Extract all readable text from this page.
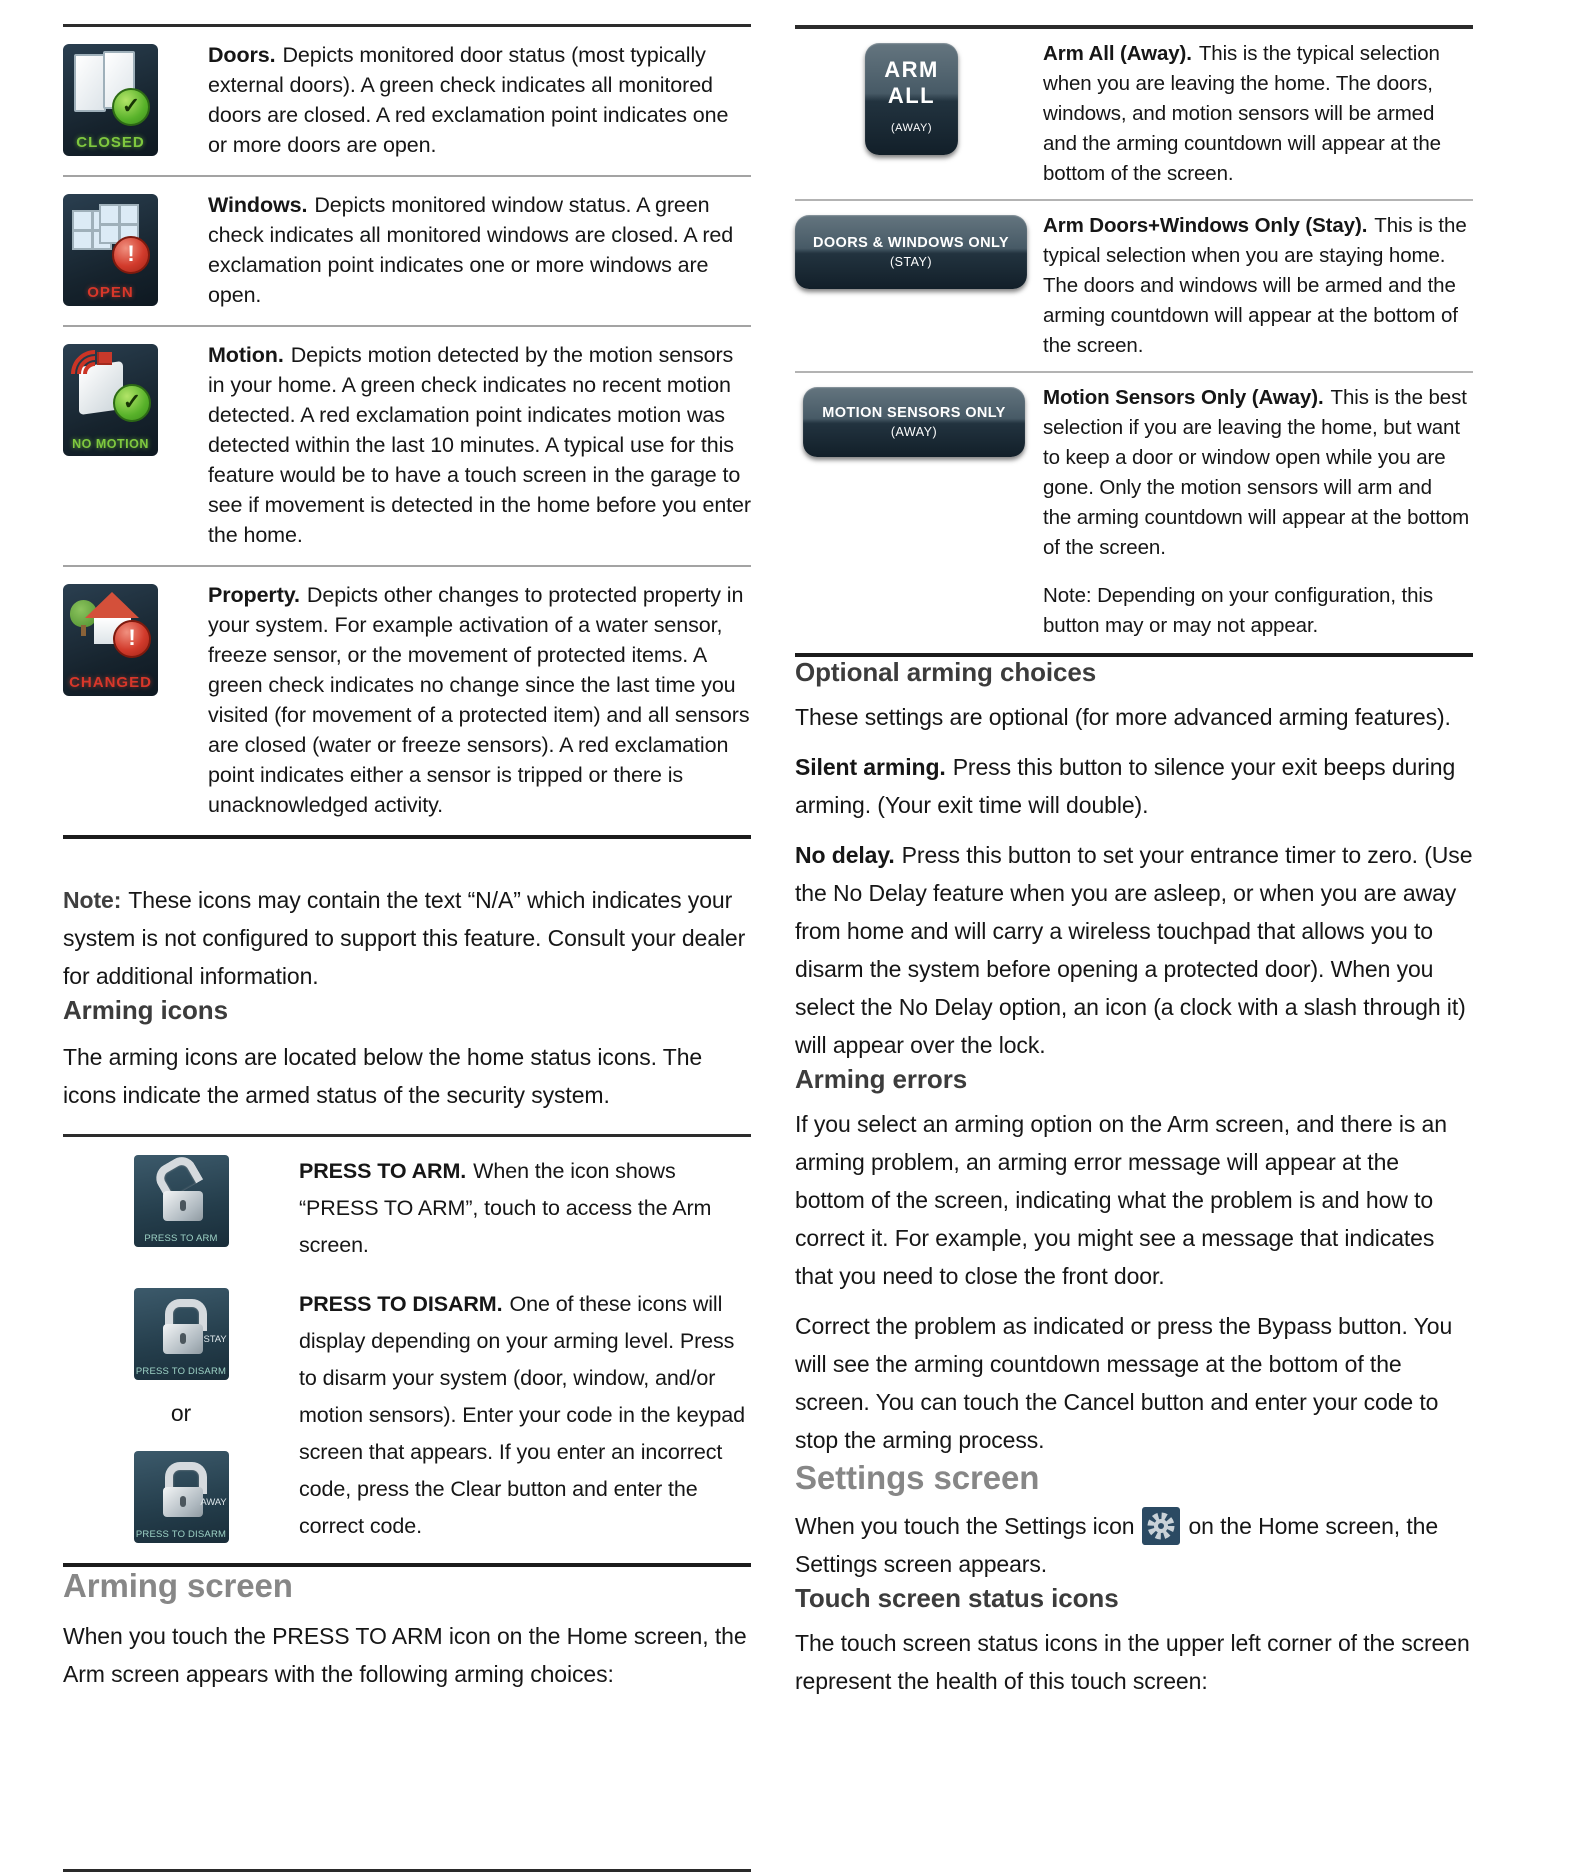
✓
CLOSED
Doors. Depicts monitored door status (most typically external doors). A green check indicates all monitored doors are closed. A red exclamation point indicates one or more doors are open.
!
OPEN
Windows. Depicts monitored window status. A green check indicates all monitored windows are closed. A red exclamation point indicates one or more windows are open.
✓
NO MOTION
Motion. Depicts motion detected by the motion sensors in your home. A green check indicates no recent motion detected. A red exclamation point indicates motion was detected within the last 10 minutes. A typical use for this feature would be to have a touch screen in the garage to see if movement is detected in the home before you enter the home.
!
CHANGED
Property. Depicts other changes to protected property in your system. For example activation of a water sensor, freeze sensor, or the movement of protected items. A green check indicates no change since the last time you visited (for movement of a protected item) and all sensors are closed (water or freeze sensors). A red exclamation point indicates either a sensor is tripped or there is unacknowledged activity.

Note: These icons may contain the text “N/A” which indicates your system is not configured to support this feature. Consult your dealer for additional information.

Arming icons

The arming icons are located below the home status icons. The icons indicate the armed status of the security system.

PRESS TO ARM
PRESS TO ARM. When the icon shows “PRESS TO ARM”, touch to access the Arm screen.
STAY
PRESS TO DISARM
or
AWAY
PRESS TO DISARM
PRESS TO DISARM. One of these icons will display depending on your arming level. Press to disarm your system (door, window, and/or motion sensors). Enter your code in the keypad screen that appears. If you enter an incorrect code, press the Clear button and enter the correct code.
Arming screen

When you touch the PRESS TO ARM icon on the Home screen, the Arm screen appears with the following arming choices:

ARM
ALL
(AWAY)
Arm All (Away). This is the typical selection when you are leaving the home. The doors, windows, and motion sensors will be armed and the arming countdown will appear at the bottom of the screen.
DOORS & WINDOWS ONLY
(STAY)
Arm Doors+Windows Only (Stay). This is the typical selection when you are staying home. The doors and windows will be armed and the arming countdown will appear at the bottom of the screen.
MOTION SENSORS ONLY
(AWAY)
Motion Sensors Only (Away). This is the best selection if you are leaving the home, but want to keep a door or window open while you are gone. Only the motion sensors will arm and
the arming countdown will appear at the bottom of the screen.
Note: Depending on your configuration, this button may or may not appear.
Optional arming choices

These settings are optional (for more advanced arming features).

Silent arming. Press this button to silence your exit beeps during arming. (Your exit time will double).

No delay. Press this button to set your entrance timer to zero. (Use the No Delay feature when you are asleep, or when you are away from home and will carry a wireless touchpad that allows you to disarm the system before opening a protected door). When you select the No Delay option, an icon (a clock with a slash through it) will appear over the lock.

Arming errors

If you select an arming option on the Arm screen, and there is an arming problem, an arming error message will appear at the bottom of the screen, indicating what the problem is and how to correct it. For example, you might see a message that indicates that you need to close the front door.

Correct the problem as indicated or press the Bypass button. You will see the arming countdown message at the bottom of the screen. You can touch the Cancel button and enter your code to stop the arming process.

Settings screen

When you touch the Settings icon on the Home screen, the Settings screen appears.

Touch screen status icons

The touch screen status icons in the upper left corner of the screen represent the health of this touch screen:
